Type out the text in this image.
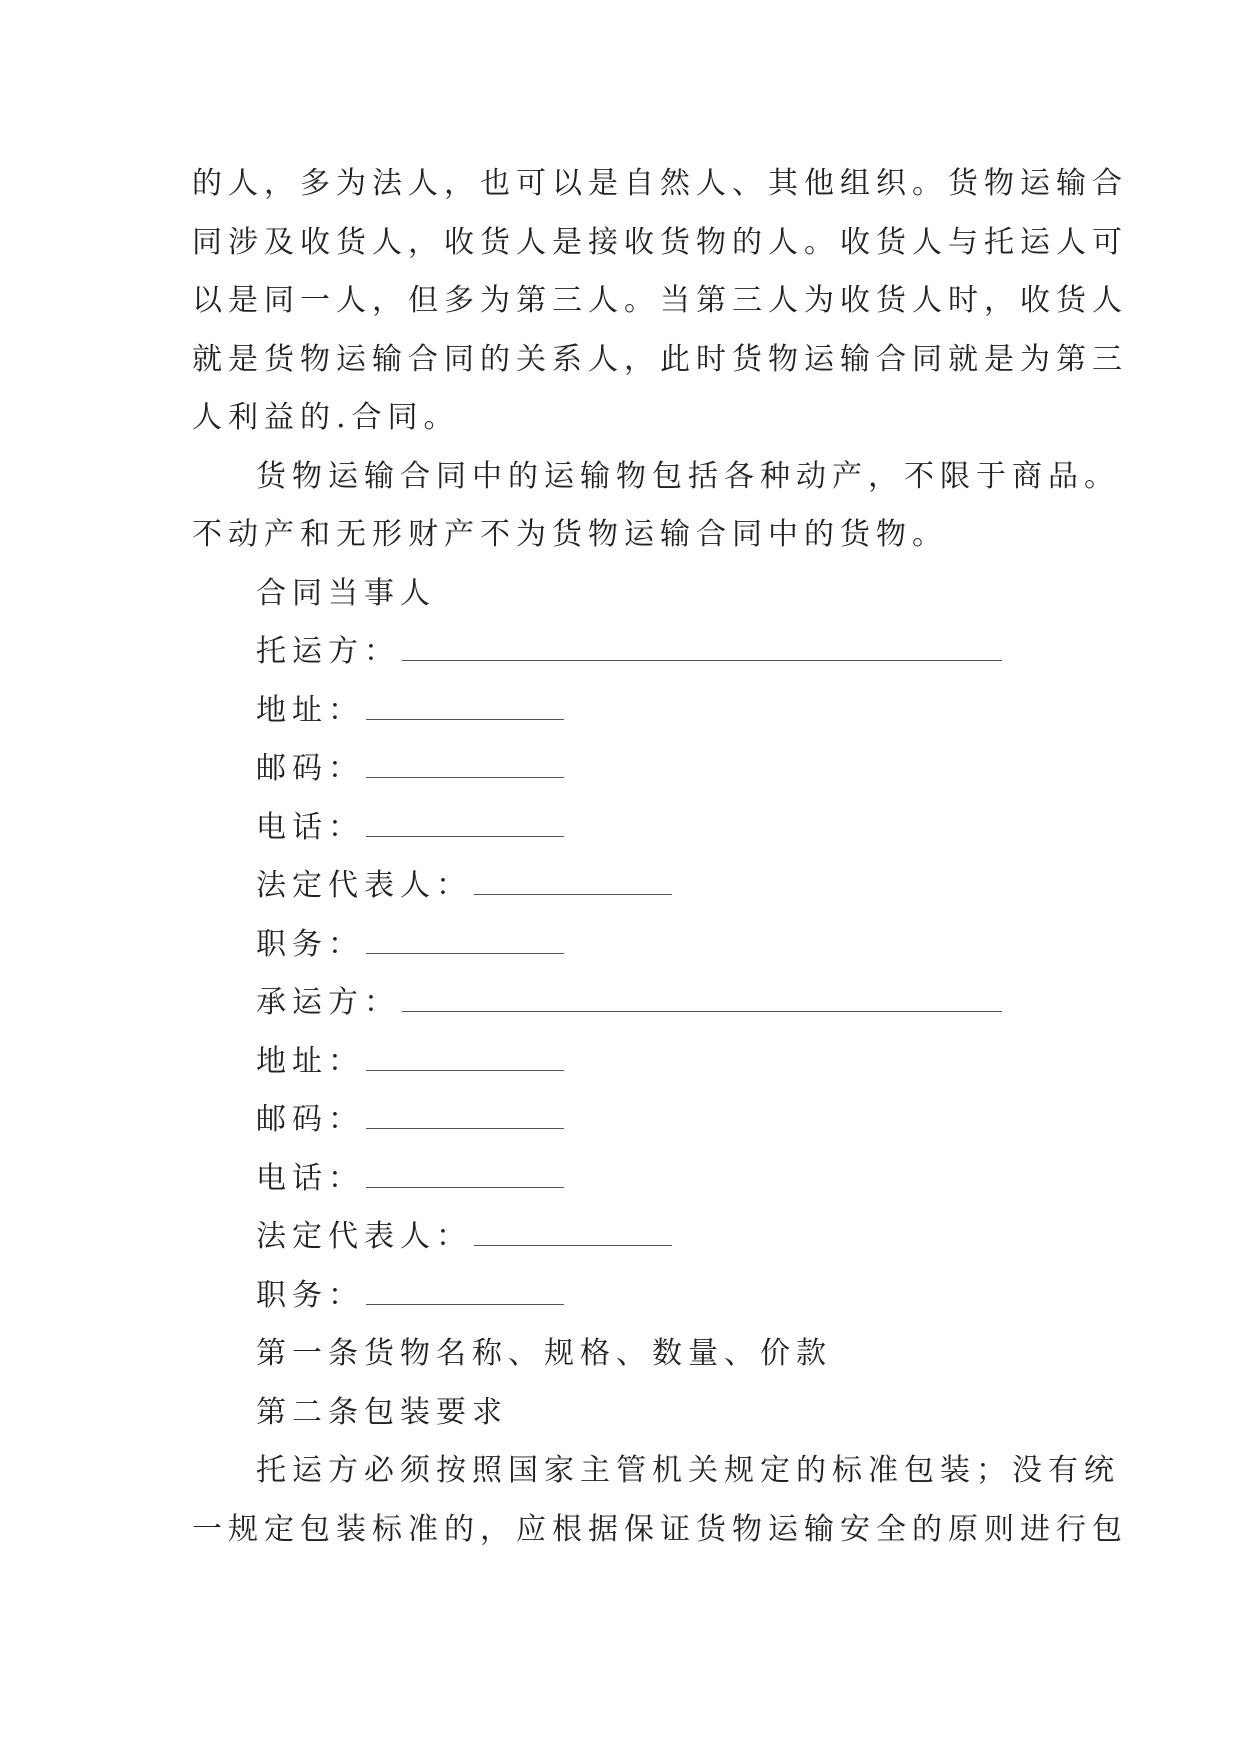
的人，多为法人，也可以是自然人、其他组织。货物运输合
同涉及收货人，收货人是接收货物的人。收货人与托运人可
以是同一人，但多为第三人。当第三人为收货人时，收货人
就是货物运输合同的关系人，此时货物运输合同就是为第三
人利益的.合同。
货物运输合同中的运输物包括各种动产，不限于商品。
不动产和无形财产不为货物运输合同中的货物。
合同当事人
托运方：
地址：
邮码：
电话：
法定代表人：
职务：
承运方：
地址：
邮码：
电话：
法定代表人：
职务：
第一条货物名称、规格、数量、价款
第二条包装要求
托运方必须按照国家主管机关规定的标准包装；没有统
一规定包装标准的，应根据保证货物运输安全的原则进行包
